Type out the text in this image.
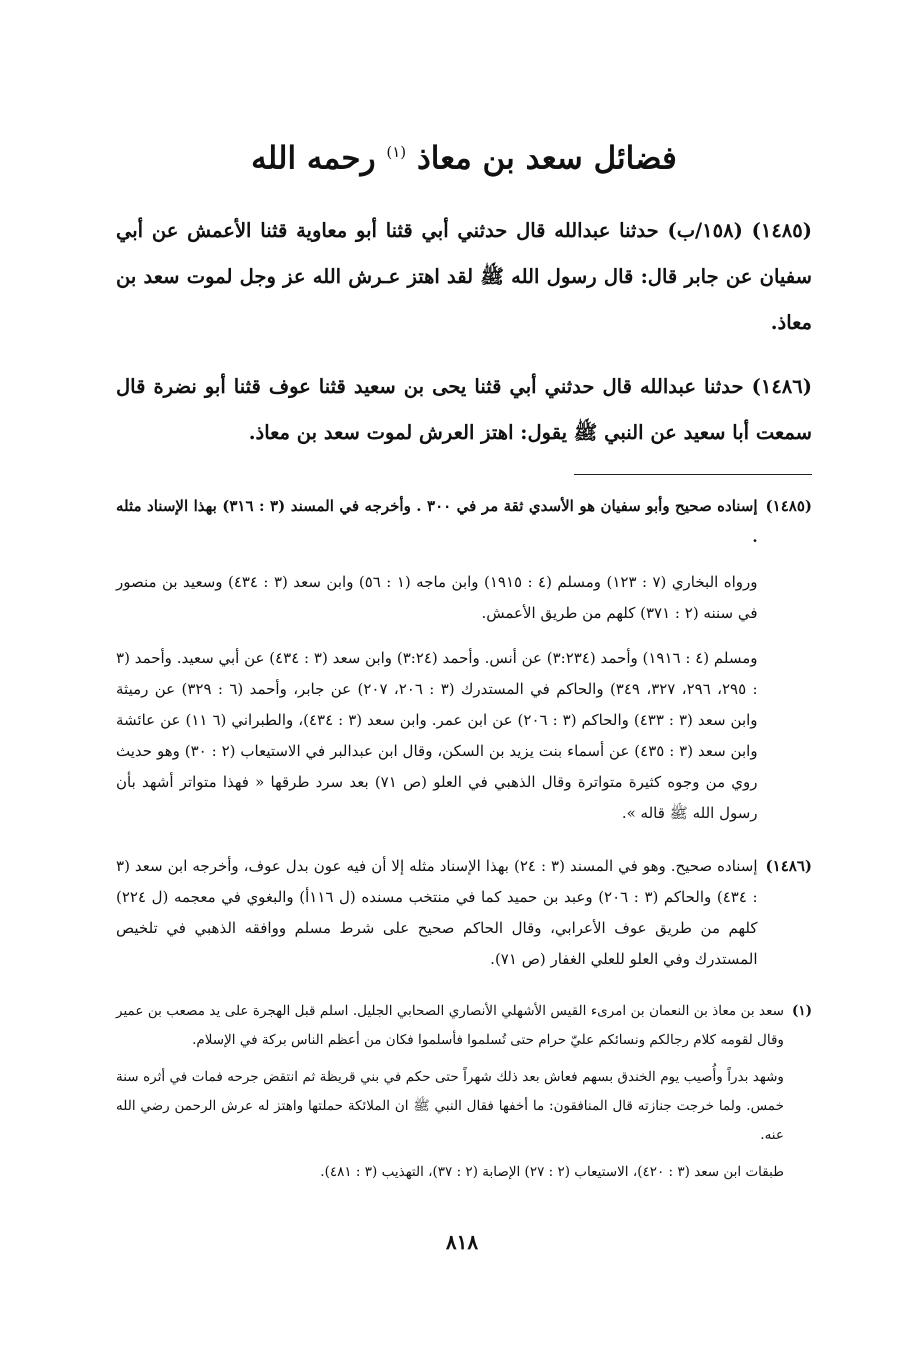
فضائل سعد بن معاذ $^{(١)}$ رحمه الله

(١٤٨٥) (١٥٨/ب) حدثنا عبدالله قال حدثني أبي قثنا أبو معاوية قثنا الأعمش عن أبي سفيان عن جابر قال: قال رسول الله ﷺ لقد اهتز عـرش الله عز وجل لموت سعد بن معاذ.

(١٤٨٦) حدثنا عبدالله قال حدثني أبي قثنا يحى بن سعيد قثنا عوف قثنا أبو نضرة قال سمعت أبا سعيد عن النبي ﷺ يقول: اهتز العرش لموت سعد بن معاذ.

(١٤٨٥)

إسناده صحيح وأبو سفيان هو الأسدي ثقة مر في ٣٠٠ . وأخرجه في المسند (٣ : ٣١٦) بهذا الإسناد مثله .

ورواه البخاري (٧ : ١٢٣) ومسلم (٤ : ١٩١٥) وابن ماجه (١ : ٥٦) وابن سعد (٣ : ٤٣٤) وسعيد بن منصور في سننه (٢ : ٣٧١) كلهم من طريق الأعمش.

ومسلم (٤ : ١٩١٦) وأحمد (٣:٢٣٤) عن أنس. وأحمد (٣:٢٤) وابن سعد (٣ : ٤٣٤) عن أبي سعيد. وأحمد (٣ : ٢٩٥، ٢٩٦، ٣٢٧، ٣٤٩) والحاكم في المستدرك (٣ : ٢٠٦، ٢٠٧) عن جابر، وأحمد (٦ : ٣٢٩) عن رميثة وابن سعد (٣ : ٤٣٣) والحاكم (٣ : ٢٠٦) عن ابن عمر. وابن سعد (٣ : ٤٣٤)، والطبراني (٦ ١١) عن عائشة وابن سعد (٣ : ٤٣٥) عن أسماء بنت يزيد بن السكن، وقال ابن عبدالبر في الاستيعاب (٢ : ٣٠) وهو حديث روي من وجوه كثيرة متواترة وقال الذهبي في العلو (ص ٧١) بعد سرد طرقها « فهذا متواتر أشهد بأن رسول الله ﷺ قاله ».

(١٤٨٦)

إسناده صحيح. وهو في المسند (٣ : ٢٤) بهذا الإسناد مثله إلا أن فيه عون بدل عوف، وأخرجه ابن سعد (٣ : ٤٣٤) والحاكم (٣ : ٢٠٦) وعبد بن حميد كما في منتخب مسنده (ل ١١٦أ) والبغوي في معجمه (ل ٢٢٤) كلهم من طريق عوف الأعرابي، وقال الحاكم صحيح على شرط مسلم ووافقه الذهبي في تلخيص المستدرك وفي العلو للعلي الغفار (ص ٧١).

(١)

سعد بن معاذ بن النعمان بن امرىء القيس الأشهلي الأنصاري الصحابي الجليل. اسلم قبل الهجرة على يد مصعب بن عمير وقال لقومه كلام رجالكم ونسائكم عليّ حرام حتى تُسلموا فأسلموا فكان من أعظم الناس بركة في الإسلام.

وشهد بدراً وأُصيب يوم الخندق بسهم فعاش بعد ذلك شهراً حتى حكم في بني قريظة ثم انتقض جرحه فمات في أثره سنة خمس. ولما خرجت جنازته قال المنافقون: ما أخفها فقال النبي ﷺ ان الملائكة حملتها واهتز له عرش الرحمن رضي الله عنه.

طبقات ابن سعد (٣ : ٤٢٠)، الاستيعاب (٢ : ٢٧) الإصابة (٢ : ٣٧)، التهذيب (٣ : ٤٨١).

٨١٨
